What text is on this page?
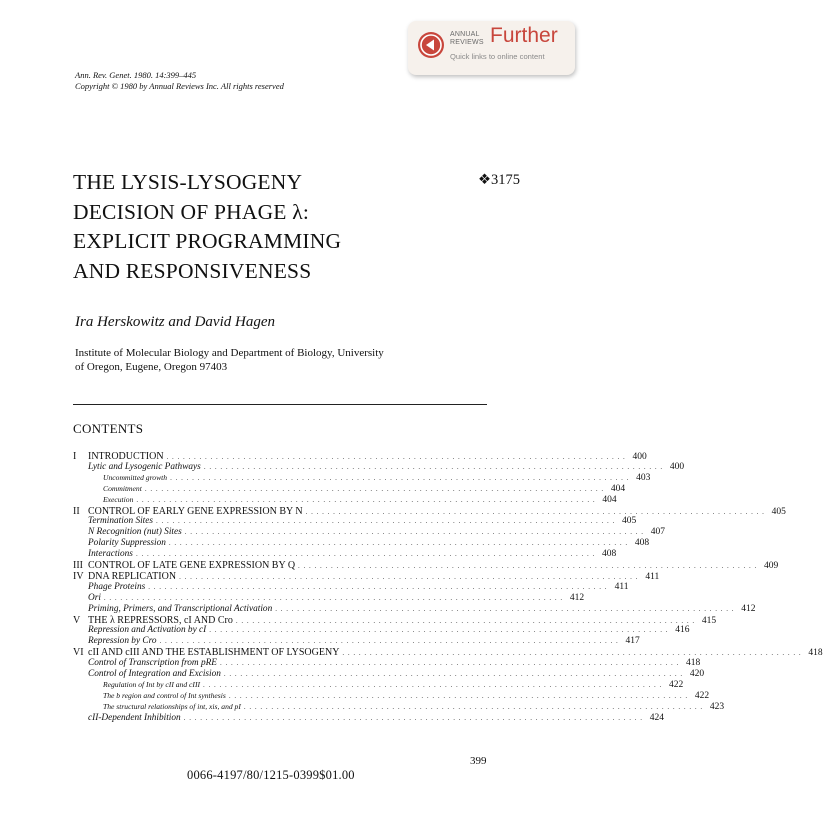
ANNUAL
REVIEWS Further
Quick links to online content
Ann. Rev. Genet. 1980. 14:399–445
Copyright © 1980 by Annual Reviews Inc. All rights reserved
THE LYSIS-LYSOGENY
DECISION OF PHAGE λ:
EXPLICIT PROGRAMMING
AND RESPONSIVENESS
❖3175
Ira Herskowitz and David Hagen
Institute of Molecular Biology and Department of Biology, University
of Oregon, Eugene, Oregon 97403
CONTENTS
I INTRODUCTION . . . . . . . . . . . . . . . . . . . . . . . . . . . . . . . . . . . . . . . . . . . . . . . . . . . . . . . . . . . . . . . . . . . . . . . . . . . . . . . . . . . . 400
Lytic and Lysogenic Pathways . . . . . . . . . . . . . . . . . . . . . . . . . . . . . . . . . . . . . . . . . . . . . . . . . . . . . . . . . . . . . . . . . . . . . . . . . . . . . . . . . . . . 400
Uncommitted growth . . . . . . . . . . . . . . . . . . . . . . . . . . . . . . . . . . . . . . . . . . . . . . . . . . . . . . . . . . . . . . . . . . . . . . . . . . . . . . . . . . . . 403
Commitment . . . . . . . . . . . . . . . . . . . . . . . . . . . . . . . . . . . . . . . . . . . . . . . . . . . . . . . . . . . . . . . . . . . . . . . . . . . . . . . . . . . . 404
Execution . . . . . . . . . . . . . . . . . . . . . . . . . . . . . . . . . . . . . . . . . . . . . . . . . . . . . . . . . . . . . . . . . . . . . . . . . . . . . . . . . . . . 404
II CONTROL OF EARLY GENE EXPRESSION BY N . . . . . . . . . . . . . . . . . . . . . . . . . . . . . . . . . . . . . . . . . . . . . . . . . . . . . . . . . . . . . . . . . . . . . . . . . . . . . . . . . . . . 405
Termination Sites . . . . . . . . . . . . . . . . . . . . . . . . . . . . . . . . . . . . . . . . . . . . . . . . . . . . . . . . . . . . . . . . . . . . . . . . . . . . . . . . . . . . 405
N Recognition (nut) Sites . . . . . . . . . . . . . . . . . . . . . . . . . . . . . . . . . . . . . . . . . . . . . . . . . . . . . . . . . . . . . . . . . . . . . . . . . . . . . . . . . . . . 407
Polarity Suppression . . . . . . . . . . . . . . . . . . . . . . . . . . . . . . . . . . . . . . . . . . . . . . . . . . . . . . . . . . . . . . . . . . . . . . . . . . . . . . . . . . . . 408
Interactions . . . . . . . . . . . . . . . . . . . . . . . . . . . . . . . . . . . . . . . . . . . . . . . . . . . . . . . . . . . . . . . . . . . . . . . . . . . . . . . . . . . . 408
III CONTROL OF LATE GENE EXPRESSION BY Q . . . . . . . . . . . . . . . . . . . . . . . . . . . . . . . . . . . . . . . . . . . . . . . . . . . . . . . . . . . . . . . . . . . . . . . . . . . . . . . . . . . . 409
IV DNA REPLICATION . . . . . . . . . . . . . . . . . . . . . . . . . . . . . . . . . . . . . . . . . . . . . . . . . . . . . . . . . . . . . . . . . . . . . . . . . . . . . . . . . . . . 411
Phage Proteins . . . . . . . . . . . . . . . . . . . . . . . . . . . . . . . . . . . . . . . . . . . . . . . . . . . . . . . . . . . . . . . . . . . . . . . . . . . . . . . . . . . . 411
Ori . . . . . . . . . . . . . . . . . . . . . . . . . . . . . . . . . . . . . . . . . . . . . . . . . . . . . . . . . . . . . . . . . . . . . . . . . . . . . . . . . . . . 412
Priming, Primers, and Transcriptional Activation . . . . . . . . . . . . . . . . . . . . . . . . . . . . . . . . . . . . . . . . . . . . . . . . . . . . . . . . . . . . . . . . . . . . . . . . . . . . . . . . . . . . 412
V THE λ REPRESSORS, cI AND Cro . . . . . . . . . . . . . . . . . . . . . . . . . . . . . . . . . . . . . . . . . . . . . . . . . . . . . . . . . . . . . . . . . . . . . . . . . . . . . . . . . . . . 415
Repression and Activation by cI . . . . . . . . . . . . . . . . . . . . . . . . . . . . . . . . . . . . . . . . . . . . . . . . . . . . . . . . . . . . . . . . . . . . . . . . . . . . . . . . . . . . 416
Repression by Cro . . . . . . . . . . . . . . . . . . . . . . . . . . . . . . . . . . . . . . . . . . . . . . . . . . . . . . . . . . . . . . . . . . . . . . . . . . . . . . . . . . . . 417
VI cII AND cIII AND THE ESTABLISHMENT OF LYSOGENY . . . . . . . . . . . . . . . . . . . . . . . . . . . . . . . . . . . . . . . . . . . . . . . . . . . . . . . . . . . . . . . . . . . . . . . . . . . . . . . . . . . . 418
Control of Transcription from pRE . . . . . . . . . . . . . . . . . . . . . . . . . . . . . . . . . . . . . . . . . . . . . . . . . . . . . . . . . . . . . . . . . . . . . . . . . . . . . . . . . . . . 418
Control of Integration and Excision . . . . . . . . . . . . . . . . . . . . . . . . . . . . . . . . . . . . . . . . . . . . . . . . . . . . . . . . . . . . . . . . . . . . . . . . . . . . . . . . . . . . 420
Regulation of Int by cII and cIII . . . . . . . . . . . . . . . . . . . . . . . . . . . . . . . . . . . . . . . . . . . . . . . . . . . . . . . . . . . . . . . . . . . . . . . . . . . . . . . . . . . . 422
The b region and control of Int synthesis . . . . . . . . . . . . . . . . . . . . . . . . . . . . . . . . . . . . . . . . . . . . . . . . . . . . . . . . . . . . . . . . . . . . . . . . . . . . . . . . . . . . 422
The structural relationships of int, xis, and pI . . . . . . . . . . . . . . . . . . . . . . . . . . . . . . . . . . . . . . . . . . . . . . . . . . . . . . . . . . . . . . . . . . . . . . . . . . . . . . . . . . . . 423
cII-Dependent Inhibition . . . . . . . . . . . . . . . . . . . . . . . . . . . . . . . . . . . . . . . . . . . . . . . . . . . . . . . . . . . . . . . . . . . . . . . . . . . . . . . . . . . . 424
399
0066-4197/80/1215-0399$01.00
